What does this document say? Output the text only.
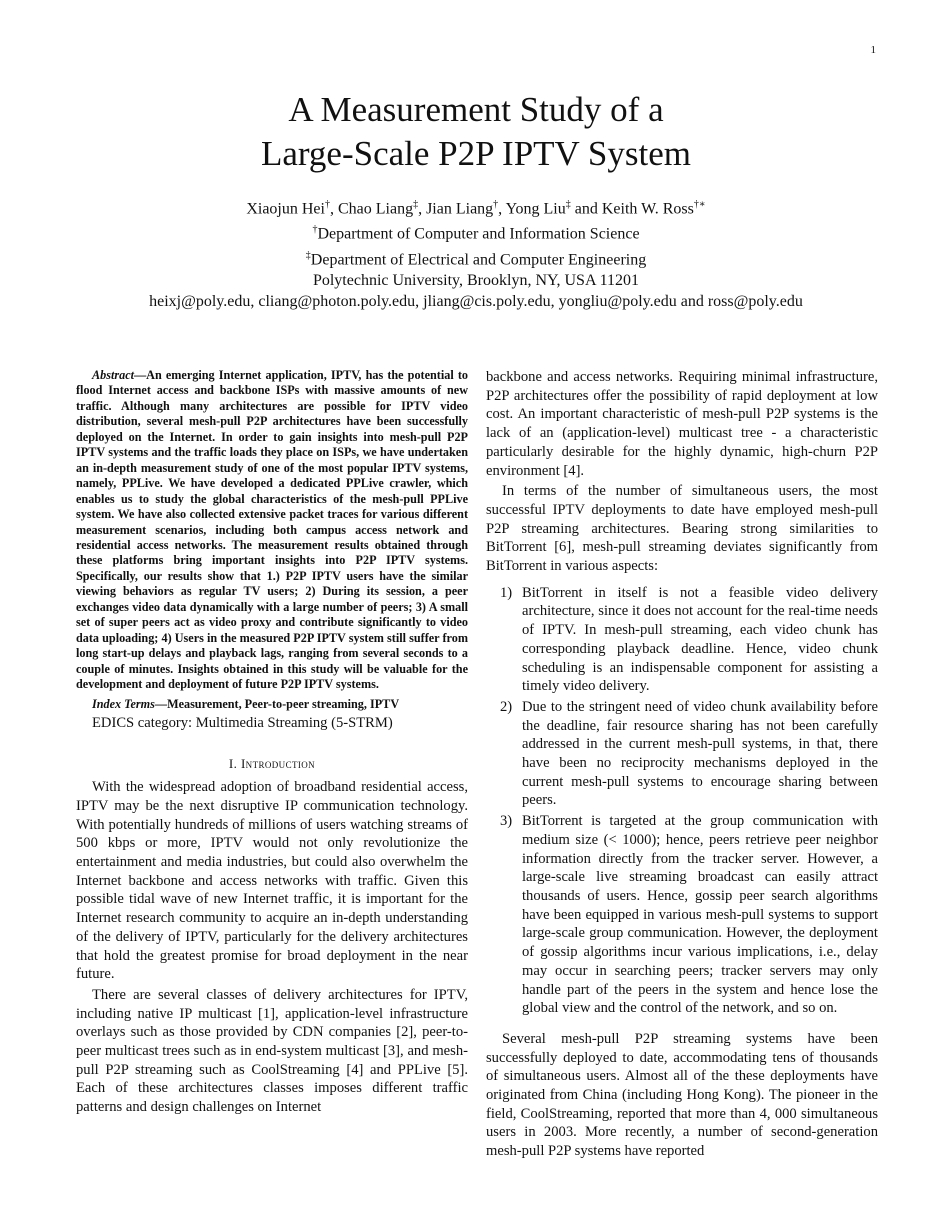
1
A Measurement Study of a
Large-Scale P2P IPTV System
Xiaojun Hei†, Chao Liang‡, Jian Liang†, Yong Liu‡ and Keith W. Ross†∗
†Department of Computer and Information Science
‡Department of Electrical and Computer Engineering
Polytechnic University, Brooklyn, NY, USA 11201
heixj@poly.edu, cliang@photon.poly.edu, jliang@cis.poly.edu, yongliu@poly.edu and ross@poly.edu

Abstract—An emerging Internet application, IPTV, has the potential to flood Internet access and backbone ISPs with massive amounts of new traffic. Although many architectures are possible for IPTV video distribution, several mesh-pull P2P architectures have been successfully deployed on the Internet. In order to gain insights into mesh-pull P2P IPTV systems and the traffic loads they place on ISPs, we have undertaken an in-depth measurement study of one of the most popular IPTV systems, namely, PPLive. We have developed a dedicated PPLive crawler, which enables us to study the global characteristics of the mesh-pull PPLive system. We have also collected extensive packet traces for various different measurement scenarios, including both campus access network and residential access networks. The measurement results obtained through these platforms bring important insights into P2P IPTV systems. Specifically, our results show that 1.) P2P IPTV users have the similar viewing behaviors as regular TV users; 2) During its session, a peer exchanges video data dynamically with a large number of peers; 3) A small set of super peers act as video proxy and contribute significantly to video data uploading; 4) Users in the measured P2P IPTV system still suffer from long start-up delays and playback lags, ranging from several seconds to a couple of minutes. Insights obtained in this study will be valuable for the development and deployment of future P2P IPTV systems.

Index Terms—Measurement, Peer-to-peer streaming, IPTV

EDICS category: Multimedia Streaming (5-STRM)

I. Introduction

With the widespread adoption of broadband residential access, IPTV may be the next disruptive IP communication technology. With potentially hundreds of millions of users watching streams of 500 kbps or more, IPTV would not only revolutionize the entertainment and media industries, but could also overwhelm the Internet backbone and access networks with traffic. Given this possible tidal wave of new Internet traffic, it is important for the Internet research community to acquire an in-depth understanding of the delivery of IPTV, particularly for the delivery architectures that hold the greatest promise for broad deployment in the near future.

There are several classes of delivery architectures for IPTV, including native IP multicast [1], application-level infrastructure overlays such as those provided by CDN companies [2], peer-to-peer multicast trees such as in end-system multicast [3], and mesh-pull P2P streaming such as CoolStreaming [4] and PPLive [5]. Each of these architectures classes imposes different traffic patterns and design challenges on Internet

backbone and access networks. Requiring minimal infrastructure, P2P architectures offer the possibility of rapid deployment at low cost. An important characteristic of mesh-pull P2P systems is the lack of an (application-level) multicast tree - a characteristic particularly desirable for the highly dynamic, high-churn P2P environment [4].

In terms of the number of simultaneous users, the most successful IPTV deployments to date have employed mesh-pull P2P streaming architectures. Bearing strong similarities to BitTorrent [6], mesh-pull streaming deviates significantly from BitTorrent in various aspects:

1) BitTorrent in itself is not a feasible video delivery architecture, since it does not account for the real-time needs of IPTV. In mesh-pull streaming, each video chunk has corresponding playback deadline. Hence, video chunk scheduling is an indispensable component for assisting a timely video delivery.
2) Due to the stringent need of video chunk availability before the deadline, fair resource sharing has not been carefully addressed in the current mesh-pull systems, in that, there have been no reciprocity mechanisms deployed in the current mesh-pull systems to encourage sharing between peers.
3) BitTorrent is targeted at the group communication with medium size (< 1000); hence, peers retrieve peer neighbor information directly from the tracker server. However, a large-scale live streaming broadcast can easily attract thousands of users. Hence, gossip peer search algorithms have been equipped in various mesh-pull systems to support large-scale group communication. However, the deployment of gossip algorithms incur various implications, i.e., delay may occur in searching peers; tracker servers may only handle part of the peers in the system and hence lose the global view and the control of the network, and so on.

Several mesh-pull P2P streaming systems have been successfully deployed to date, accommodating tens of thousands of simultaneous users. Almost all of the these deployments have originated from China (including Hong Kong). The pioneer in the field, CoolStreaming, reported that more than 4, 000 simultaneous users in 2003. More recently, a number of second-generation mesh-pull P2P systems have reported
